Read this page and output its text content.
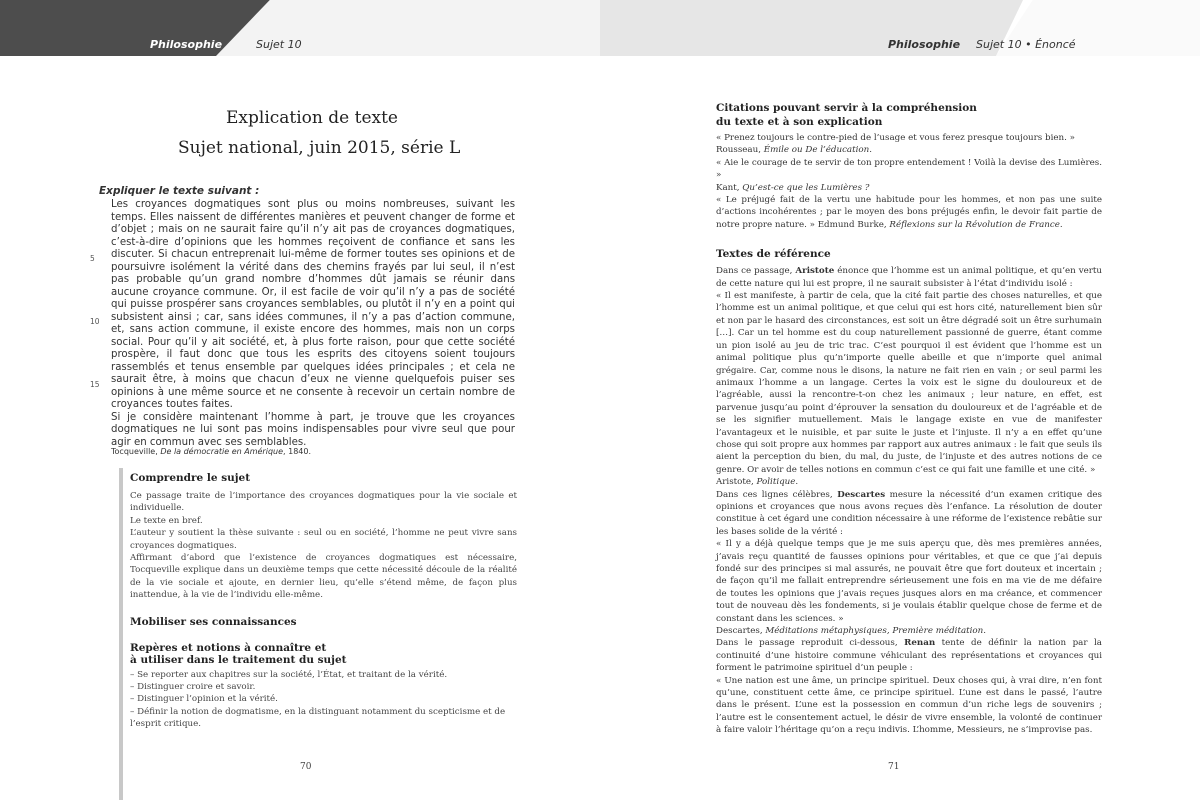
Philosophie	Sujet 10	Philosophie Sujet 10 • Énoncé
Explication de texte
Sujet national, juin 2015, série L
Expliquer le texte suivant :
5
10
15

Les croyances dogmatiques sont plus ou moins nombreuses, suivant les temps. Elles naissent de différentes manières et peuvent changer de forme et d’objet ; mais on ne saurait faire qu’il n’y ait pas de croyances dogmatiques, c’est-à-dire d’opinions que les hommes reçoivent de confiance et sans les discuter. Si chacun entreprenait lui-même de former toutes ses opinions et de poursuivre isolément la vérité dans des chemins frayés par lui seul, il n’est pas probable qu’un grand nombre d’hommes dût jamais se réunir dans aucune croyance commune. Or, il est facile de voir qu’il n’y a pas de société qui puisse prospérer sans croyances semblables, ou plutôt il n’y en a point qui subsistent ainsi ; car, sans idées communes, il n’y a pas d’action commune, et, sans action commune, il existe encore des hommes, mais non un corps social. Pour qu’il y ait société, et, à plus forte raison, pour que cette société prospère, il faut donc que tous les esprits des citoyens soient toujours rassemblés et tenus ensemble par quelques idées principales ; et cela ne saurait être, à moins que chacun d’eux ne vienne quelquefois puiser ses opinions à une même source et ne consente à recevoir un certain nombre de croyances toutes faites.

Si je considère maintenant l’homme à part, je trouve que les croyances dogmatiques ne lui sont pas moins indispensables pour vivre seul que pour agir en commun avec ses semblables.

Tocqueville, De la démocratie en Amérique, 1840.
Comprendre le sujet
Ce passage traite de l’importance des croyances dogmatiques pour la vie sociale et individuelle.
Le texte en bref.
L’auteur y soutient la thèse suivante : seul ou en société, l’homme ne peut vivre sans croyances dogmatiques.
Affirmant d’abord que l’existence de croyances dogmatiques est nécessaire, Tocqueville explique dans un deuxième temps que cette nécessité découle de la réalité de la vie sociale et ajoute, en dernier lieu, qu’elle s’étend même, de façon plus inattendue, à la vie de l’individu elle-même.
Mobiliser ses connaissances
Repères et notions à connaître et
à utiliser dans le traitement du sujet
– Se reporter aux chapitres sur la société, l’État, et traitant de la vérité.
– Distinguer croire et savoir.
– Distinguer l’opinion et la vérité.
– Définir la notion de dogmatisme, en la distinguant notamment du scepticisme et de l’esprit critique.
70
Citations pouvant servir à la compréhension
du texte et à son explication
« Prenez toujours le contre-pied de l’usage et vous ferez presque toujours bien. »
Rousseau, Émile ou De l’éducation.
« Aie le courage de te servir de ton propre entendement ! Voilà la devise des Lumières. »
Kant, Qu’est-ce que les Lumières ?
« Le préjugé fait de la vertu une habitude pour les hommes, et non pas une suite d’actions incohérentes ; par le moyen des bons préjugés enfin, le devoir fait partie de notre propre nature. » Edmund Burke, Réflexions sur la Révolution de France.
Textes de référence
Dans ce passage, Aristote énonce que l’homme est un animal politique, et qu’en vertu de cette nature qui lui est propre, il ne saurait subsister à l’état d’individu isolé :
« Il est manifeste, à partir de cela, que la cité fait partie des choses naturelles, et que l’homme est un animal politique, et que celui qui est hors cité, naturellement bien sûr et non par le hasard des circonstances, est soit un être dégradé soit un être surhumain […]. Car un tel homme est du coup naturellement passionné de guerre, étant comme un pion isolé au jeu de tric trac. C’est pourquoi il est évident que l’homme est un animal politique plus qu’n’importe quelle abeille et que n’importe quel animal grégaire. Car, comme nous le disons, la nature ne fait rien en vain ; or seul parmi les animaux l’homme a un langage. Certes la voix est le signe du douloureux et de l’agréable, aussi la rencontre-t-on chez les animaux ; leur nature, en effet, est parvenue jusqu’au point d’éprouver la sensation du douloureux et de l’agréable et de se les signifier mutuellement. Mais le langage existe en vue de manifester l’avantageux et le nuisible, et par suite le juste et l’injuste. Il n’y a en effet qu’une chose qui soit propre aux hommes par rapport aux autres animaux : le fait que seuls ils aient la perception du bien, du mal, du juste, de l’injuste et des autres notions de ce genre. Or avoir de telles notions en commun c’est ce qui fait une famille et une cité. »
Aristote, Politique.
Dans ces lignes célèbres, Descartes mesure la nécessité d’un examen critique des opinions et croyances que nous avons reçues dès l’enfance. La résolution de douter constitue à cet égard une condition nécessaire à une réforme de l’existence rebâtie sur les bases solide de la vérité :
« Il y a déjà quelque temps que je me suis aperçu que, dès mes premières années, j’avais reçu quantité de fausses opinions pour véritables, et que ce que j’ai depuis fondé sur des principes si mal assurés, ne pouvait être que fort douteux et incertain ; de façon qu’il me fallait entreprendre sérieusement une fois en ma vie de me défaire de toutes les opinions que j’avais reçues jusques alors en ma créance, et commencer tout de nouveau dès les fondements, si je voulais établir quelque chose de ferme et de constant dans les sciences. »
Descartes, Méditations métaphysiques, Première méditation.
Dans le passage reproduit ci-dessous, Renan tente de définir la nation par la continuité d’une histoire commune véhiculant des représentations et croyances qui forment le patrimoine spirituel d’un peuple :
« Une nation est une âme, un principe spirituel. Deux choses qui, à vrai dire, n’en font qu’une, constituent cette âme, ce principe spirituel. L’une est dans le passé, l’autre dans le présent. L’une est la possession en commun d’un riche legs de souvenirs ; l’autre est le consentement actuel, le désir de vivre ensemble, la volonté de continuer à faire valoir l’héritage qu’on a reçu indivis. L’homme, Messieurs, ne s’improvise pas.
71
